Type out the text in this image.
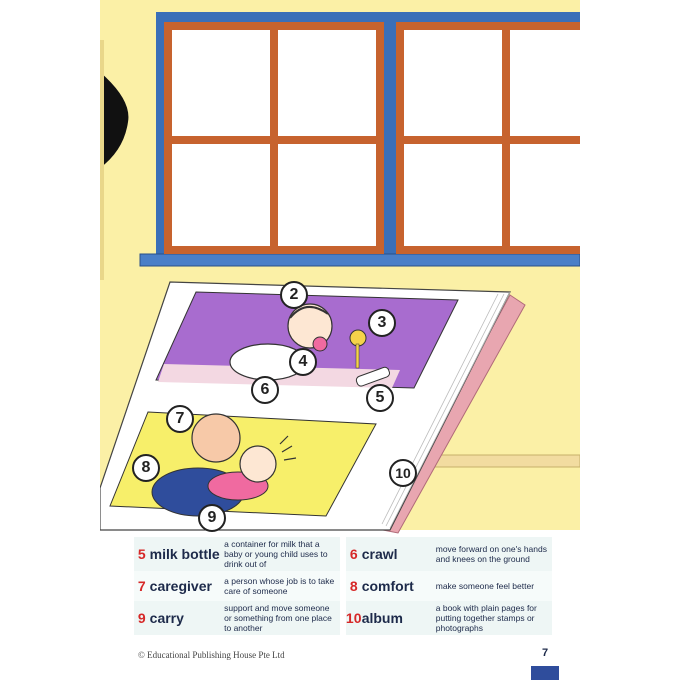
2
3
4
5
6
7
8
9
10
5	milk bottle	a container for milk that a baby or young child uses to drink out of		6	crawl	move forward on one's hands and knees on the ground
7	caregiver	a person whose job is to take care of someone		8	comfort	make someone feel better
9	carry	support and move someone or something from one place to another		10	album	a book with plain pages for putting together stamps or photographs
© Educational Publishing House Pte Ltd	7
